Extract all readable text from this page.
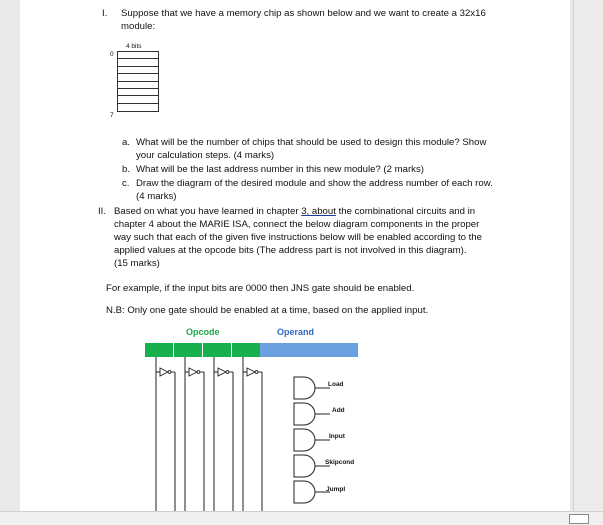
I. Suppose that we have a memory chip as shown below and we want to create a 32x16
module:
4 bits
0
7
a. What will be the number of chips that should be used to design this module? Show
your calculation steps. (4 marks)
b. What will be the last address number in this new module? (2 marks)
c. Draw the diagram of the desired module and show the address number of each row.
(4 marks)
II. Based on what you have learned in chapter 3, about the combinational circuits and in
chapter 4 about the MARIE ISA, connect the below diagram components in the proper
way such that each of the given five instructions below will be enabled according to the
applied values at the opcode bits (The address part is not involved in this diagram).
(15 marks)
For example, if the input bits are 0000 then JNS gate should be enabled.
N.B: Only one gate should be enabled at a time, based on the applied input.
Opcode	Operand
Load
Add
Input
Skipcond
JumpI
